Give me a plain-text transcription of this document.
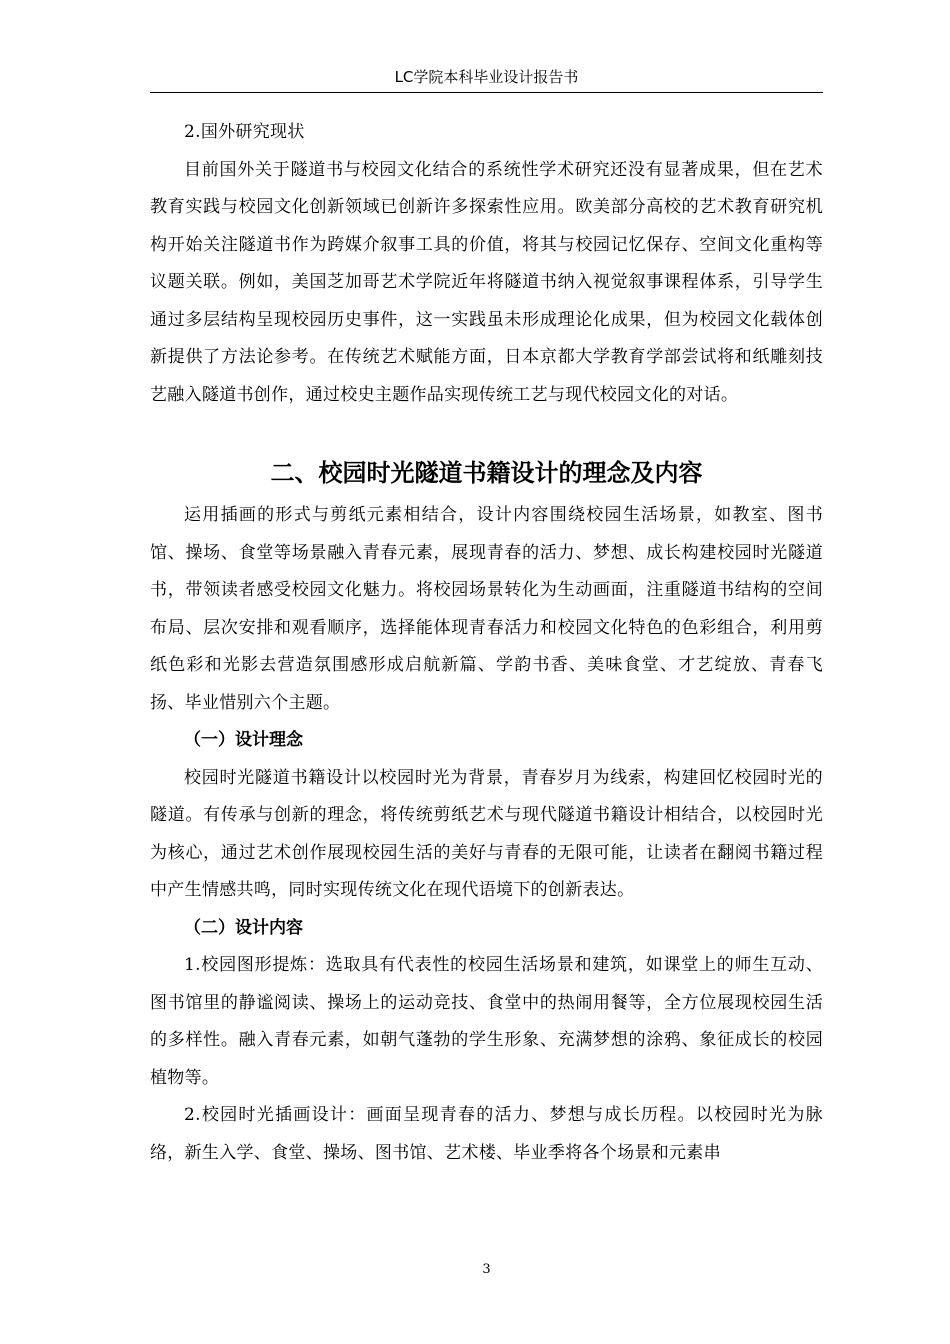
LC学院本科毕业设计报告书

2.国外研究现状

目前国外关于隧道书与校园文化结合的系统性学术研究还没有显著成果，但在艺术教育实践与校园文化创新领域已创新许多探索性应用。欧美部分高校的艺术教育研究机构开始关注隧道书作为跨媒介叙事工具的价值，将其与校园记忆保存、空间文化重构等议题关联。例如，美国芝加哥艺术学院近年将隧道书纳入视觉叙事课程体系，引导学生通过多层结构呈现校园历史事件，这一实践虽未形成理论化成果，但为校园文化载体创新提供了方法论参考。在传统艺术赋能方面，日本京都大学教育学部尝试将和纸雕刻技艺融入隧道书创作，通过校史主题作品实现传统工艺与现代校园文化的对话。

二、校园时光隧道书籍设计的理念及内容

运用插画的形式与剪纸元素相结合，设计内容围绕校园生活场景，如教室、图书馆、操场、食堂等场景融入青春元素，展现青春的活力、梦想、成长构建校园时光隧道书，带领读者感受校园文化魅力。将校园场景转化为生动画面，注重隧道书结构的空间布局、层次安排和观看顺序，选择能体现青春活力和校园文化特色的色彩组合，利用剪纸色彩和光影去营造氛围感形成启航新篇、学韵书香、美味食堂、才艺绽放、青春飞扬、毕业惜别六个主题。

（一）设计理念

校园时光隧道书籍设计以校园时光为背景，青春岁月为线索，构建回忆校园时光的隧道。有传承与创新的理念，将传统剪纸艺术与现代隧道书籍设计相结合，以校园时光为核心，通过艺术创作展现校园生活的美好与青春的无限可能，让读者在翻阅书籍过程中产生情感共鸣，同时实现传统文化在现代语境下的创新表达。

（二）设计内容

1.校园图形提炼：选取具有代表性的校园生活场景和建筑，如课堂上的师生互动、图书馆里的静谧阅读、操场上的运动竞技、食堂中的热闹用餐等，全方位展现校园生活的多样性。融入青春元素，如朝气蓬勃的学生形象、充满梦想的涂鸦、象征成长的校园植物等。

2.校园时光插画设计：画面呈现青春的活力、梦想与成长历程。以校园时光为脉络，新生入学、食堂、操场、图书馆、艺术楼、毕业季将各个场景和元素串

3
